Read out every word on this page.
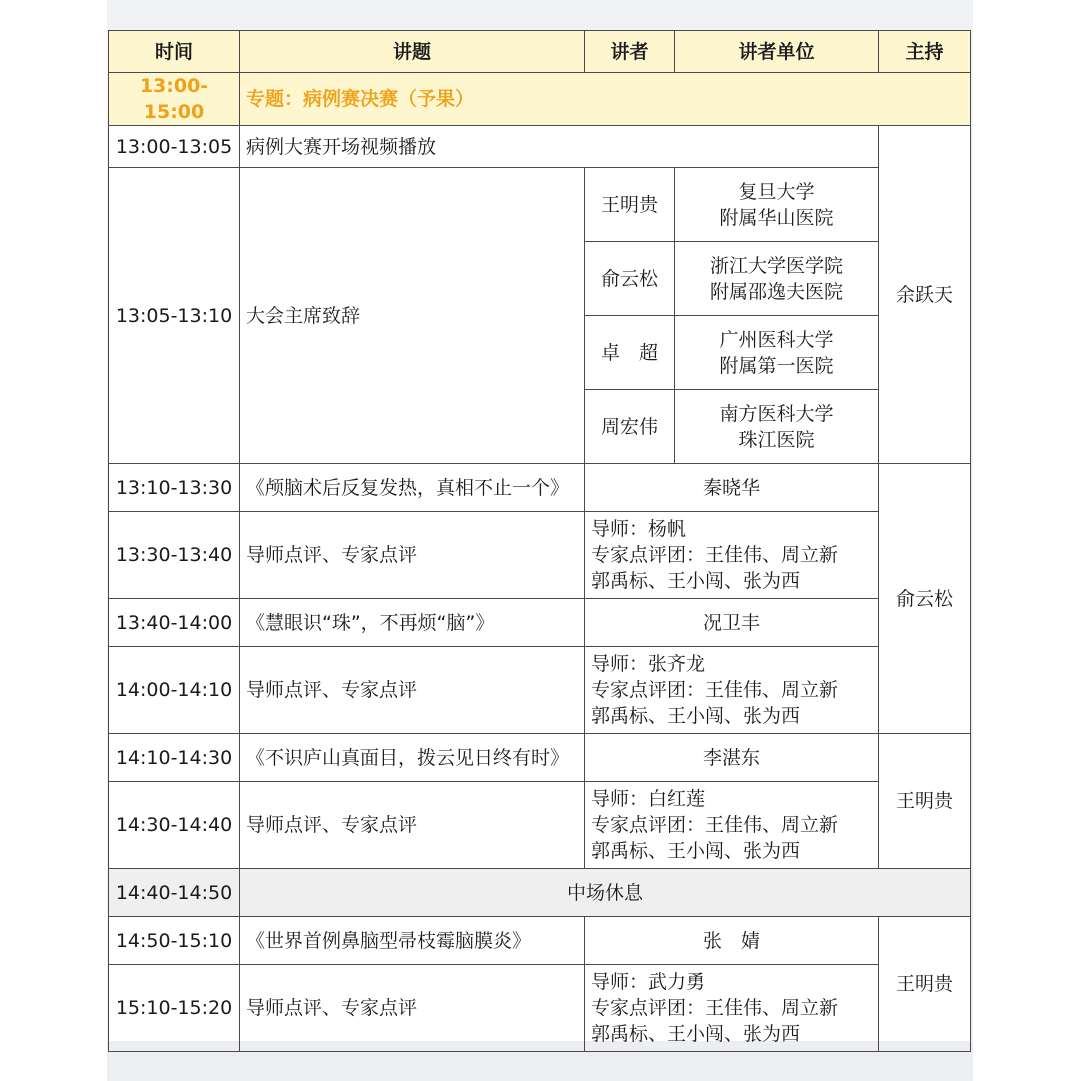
时间	讲题	讲者	讲者单位	主持
13:00-15:00	专题：病例赛决赛（予果）			
13:00-13:05	病例大赛开场视频播放			余跃天
13:05-13:10	大会主席致辞	王明贵	复旦大学
附属华山医院	

		俞云松	浙江大学医学院
附属邵逸夫医院	

		卓　超	广州医科大学
附属第一医院	

		周宏伟	南方医科大学
珠江医院	

13:10-13:30	《颅脑术后反复发热，真相不止一个》	秦晓华		俞云松
13:30-13:40	导师点评、专家点评	导师：杨帆
专家点评团：王佳伟、周立新
郭禹标、王小闯、张为西		

13:40-14:00	《慧眼识“珠”，不再烦“脑”》	况卫丰		
14:00-14:10	导师点评、专家点评	导师：张齐龙
专家点评团：王佳伟、周立新
郭禹标、王小闯、张为西		

14:10-14:30	《不识庐山真面目，拨云见日终有时》	李湛东		王明贵
14:30-14:40	导师点评、专家点评	导师：白红莲
专家点评团：王佳伟、周立新
郭禹标、王小闯、张为西		

14:40-14:50	中场休息			
14:50-15:10	《世界首例鼻脑型帚枝霉脑膜炎》	张　婧		王明贵
15:10-15:20	导师点评、专家点评	导师：武力勇
专家点评团：王佳伟、周立新
郭禹标、王小闯、张为西		
